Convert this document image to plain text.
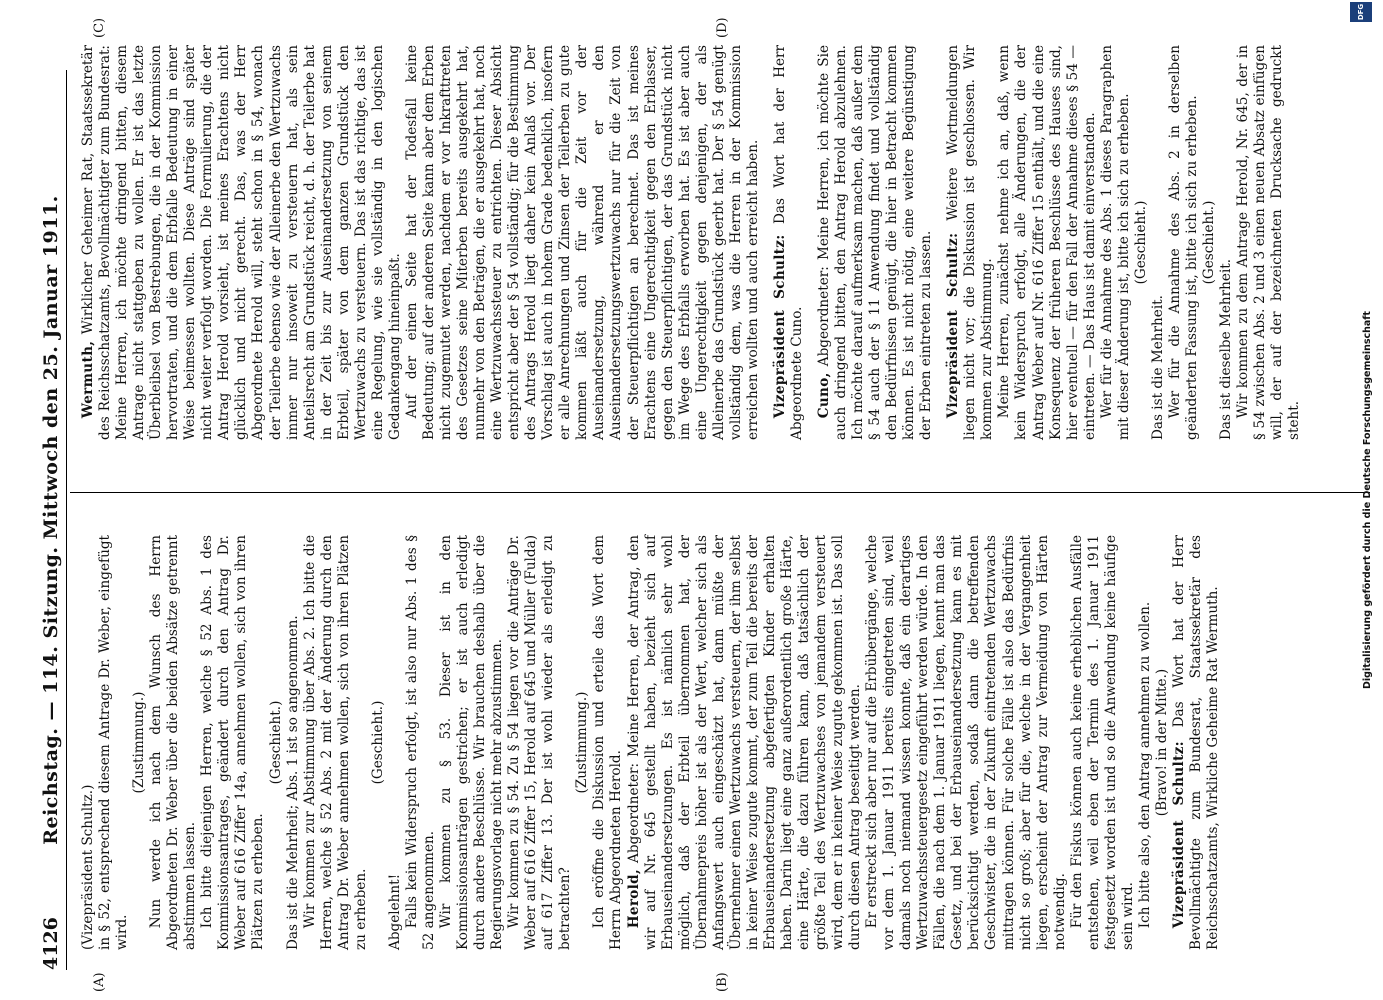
4126
Reichstag. — 114. Sitzung. Mittwoch den 25. Januar 1911.
(A)	(B)
(C)	(D)

(Vizepräsident Schultz.) in § 52, entsprechend diesem Antrage Dr. Weber, eingefügt wird.

(Zustimmung.) Nun werde ich nach dem Wunsch des Herrn Abgeordneten Dr. Weber über die beiden Absätze getrennt abstimmen lassen. Ich bitte diejenigen Herren, welche § 52 Abs. 1 des Kommissionsantrages, geändert durch den Antrag Dr. Weber auf 616 Ziffer 14a, annehmen wollen, sich von ihren Plätzen zu erheben.

(Geschieht.) Das ist die Mehrheit; Abs. 1 ist so angenommen. Wir kommen zur Abstimmung über Abs. 2. Ich bitte die Herren, welche § 52 Abs. 2 mit der Änderung durch den Antrag Dr. Weber annehmen wollen, sich von ihren Plätzen zu erheben.

(Geschieht.)

Abgelehnt! Falls kein Widerspruch erfolgt, ist also nur Abs. 1 des § 52 angenommen. Wir kommen zu § 53. Dieser ist in den Kommissionsanträgen gestrichen; er ist auch erledigt durch andere Beschlüsse. Wir brauchen deshalb über die Regierungsvorlage nicht mehr abzustimmen. Wir kommen zu § 54. Zu § 54 liegen vor die Anträge Dr. Weber auf 616 Ziffer 15, Herold auf 645 und Müller (Fulda) auf 617 Ziffer 13. Der ist wohl wieder als erledigt zu betrachten?

(Zustimmung.) Ich eröffne die Diskussion und erteile das Wort dem Herrn Abgeordneten Herold. Herold, Abgeordneter: Meine Herren, der Antrag, den wir auf Nr. 645 gestellt haben, bezieht sich auf Erbauseinandersetzungen. Es ist nämlich sehr wohl möglich, daß der Erbteil übernommen hat, der Übernahmepreis höher ist als der Wert, welcher sich als Anfangswert auch eingeschätzt hat, dann müßte der Übernehmer einen Wertzuwachs versteuern, der ihm selbst in keiner Weise zugute kommt, der zum Teil die bereits der Erbauseinandersetzung abgefertigten Kinder erhalten haben. Darin liegt eine ganz außerordentlich große Härte, eine Härte, die dazu führen kann, daß tatsächlich der größte Teil des Wertzuwachses von jemandem versteuert wird, dem er in keiner Weise zugute gekommen ist. Das soll durch diesen Antrag beseitigt werden. Er erstreckt sich aber nur auf die Erbübergänge, welche vor dem 1. Januar 1911 bereits eingetreten sind, weil damals noch niemand wissen konnte, daß ein derartiges Wertzuwachssteuergesetz eingeführt werden würde. In den Fällen, die nach dem 1. Januar 1911 liegen, kennt man das Gesetz, und bei der Erbauseinandersetzung kann es mit berücksichtigt werden, sodaß dann die betreffenden Geschwister, die in der Zukunft eintretenden Wertzuwachs mittragen können. Für solche Fälle ist also das Bedürfnis nicht so groß; aber für die, welche in der Vergangenheit liegen, erscheint der Antrag zur Vermeidung von Härten notwendig. Für den Fiskus können auch keine erheblichen Ausfälle entstehen, weil eben der Termin des 1. Januar 1911 festgesetzt worden ist und so die Anwendung keine häufige sein wird. Ich bitte also, den Antrag annehmen zu wollen. (Bravo! in der Mitte.) Vizepräsident Schultz: Das Wort hat der Herr Bevollmächtigte zum Bundesrat, Staatssekretär des Reichsschatzamts, Wirkliche Geheime Rat Wermuth.

Wermuth, Wirklicher Geheimer Rat, Staatssekretär des Reichsschatzamts, Bevollmächtigter zum Bundesrat: Meine Herren, ich möchte dringend bitten, diesem Antrage nicht stattgeben zu wollen. Er ist das letzte Überbleibsel von Bestrebungen, die in der Kommission hervortraten, und die dem Erbfalle Bedeutung in einer Weise beimessen wollten. Diese Anträge sind später nicht weiter verfolgt worden. Die Formulierung, die der Antrag Herold vorsieht, ist meines Erachtens nicht glücklich und nicht gerecht. Das, was der Herr Abgeordnete Herold will, steht schon in § 54, wonach der Teilerbe ebenso wie der Alleinerbe den Wertzuwachs immer nur insoweit zu versteuern hat, als sein Anteilsrecht am Grundstück reicht, d. h. der Teilerbe hat in der Zeit bis zur Auseinandersetzung von seinem Erbteil, später von dem ganzen Grundstück den Wertzuwachs zu versteuern. Das ist das richtige, das ist eine Regelung, wie sie vollständig in den logischen Gedankengang hineinpaßt. Auf der einen Seite hat der Todesfall keine Bedeutung; auf der anderen Seite kann aber dem Erben nicht zugemutet werden, nachdem er vor Inkrafttreten des Gesetzes seine Miterben bereits ausgekehrt hat, nunmehr von den Beträgen, die er ausgekehrt hat, noch eine Wertzuwachssteuer zu entrichten. Dieser Absicht entspricht aber der § 54 vollständig; für die Bestimmung des Antrags Herold liegt daher kein Anlaß vor. Der Vorschlag ist auch in hohem Grade bedenklich, insofern er alle Anrechnungen und Zinsen der Teilerben zu gute kommen läßt auch für die Zeit vor der Auseinandersetzung, während er den Auseinandersetzungswertzuwachs nur für die Zeit von der Steuerpflichtigen an berechnet. Das ist meines Erachtens eine Ungerechtigkeit gegen den Erblasser, gegen den Steuerpflichtigen, der das Grundstück nicht im Wege des Erbfalls erworben hat. Es ist aber auch eine Ungerechtigkeit gegen denjenigen, der als Alleinerbe das Grundstück geerbt hat. Der § 54 genügt vollständig dem, was die Herren in der Kommission erreichen wollten und auch erreicht haben. Vizepräsident Schultz: Das Wort hat der Herr Abgeordnete Cuno. Cuno, Abgeordneter: Meine Herren, ich möchte Sie auch dringend bitten, den Antrag Herold abzulehnen. Ich möchte darauf aufmerksam machen, daß außer dem § 54 auch der § 11 Anwendung findet und vollständig den Bedürfnissen genügt, die hier in Betracht kommen können. Es ist nicht nötig, eine weitere Begünstigung der Erben eintreten zu lassen. Vizepräsident Schultz: Weitere Wortmeldungen liegen nicht vor; die Diskussion ist geschlossen. Wir kommen zur Abstimmung. Meine Herren, zunächst nehme ich an, daß, wenn kein Widerspruch erfolgt, alle Änderungen, die der Antrag Weber auf Nr. 616 Ziffer 15 enthält, und die eine Konsequenz der früheren Beschlüsse des Hauses sind, hier eventuell — für den Fall der Annahme dieses § 54 — eintreten. — Das Haus ist damit einverstanden. Wer für die Annahme des Abs. 1 dieses Paragraphen mit dieser Änderung ist, bitte ich sich zu erheben. (Geschieht.)

Das ist die Mehrheit. Wer für die Annahme des Abs. 2 in derselben geänderten Fassung ist, bitte ich sich zu erheben. (Geschieht.)

Das ist dieselbe Mehrheit. Wir kommen zu dem Antrage Herold, Nr. 645, der in § 54 zwischen Abs. 2 und 3 einen neuen Absatz einfügen will, der auf der bezeichneten Drucksache gedruckt steht.	Digitalisierung gefördert durch die Deutsche Forschungsgemeinschaft
DFG
